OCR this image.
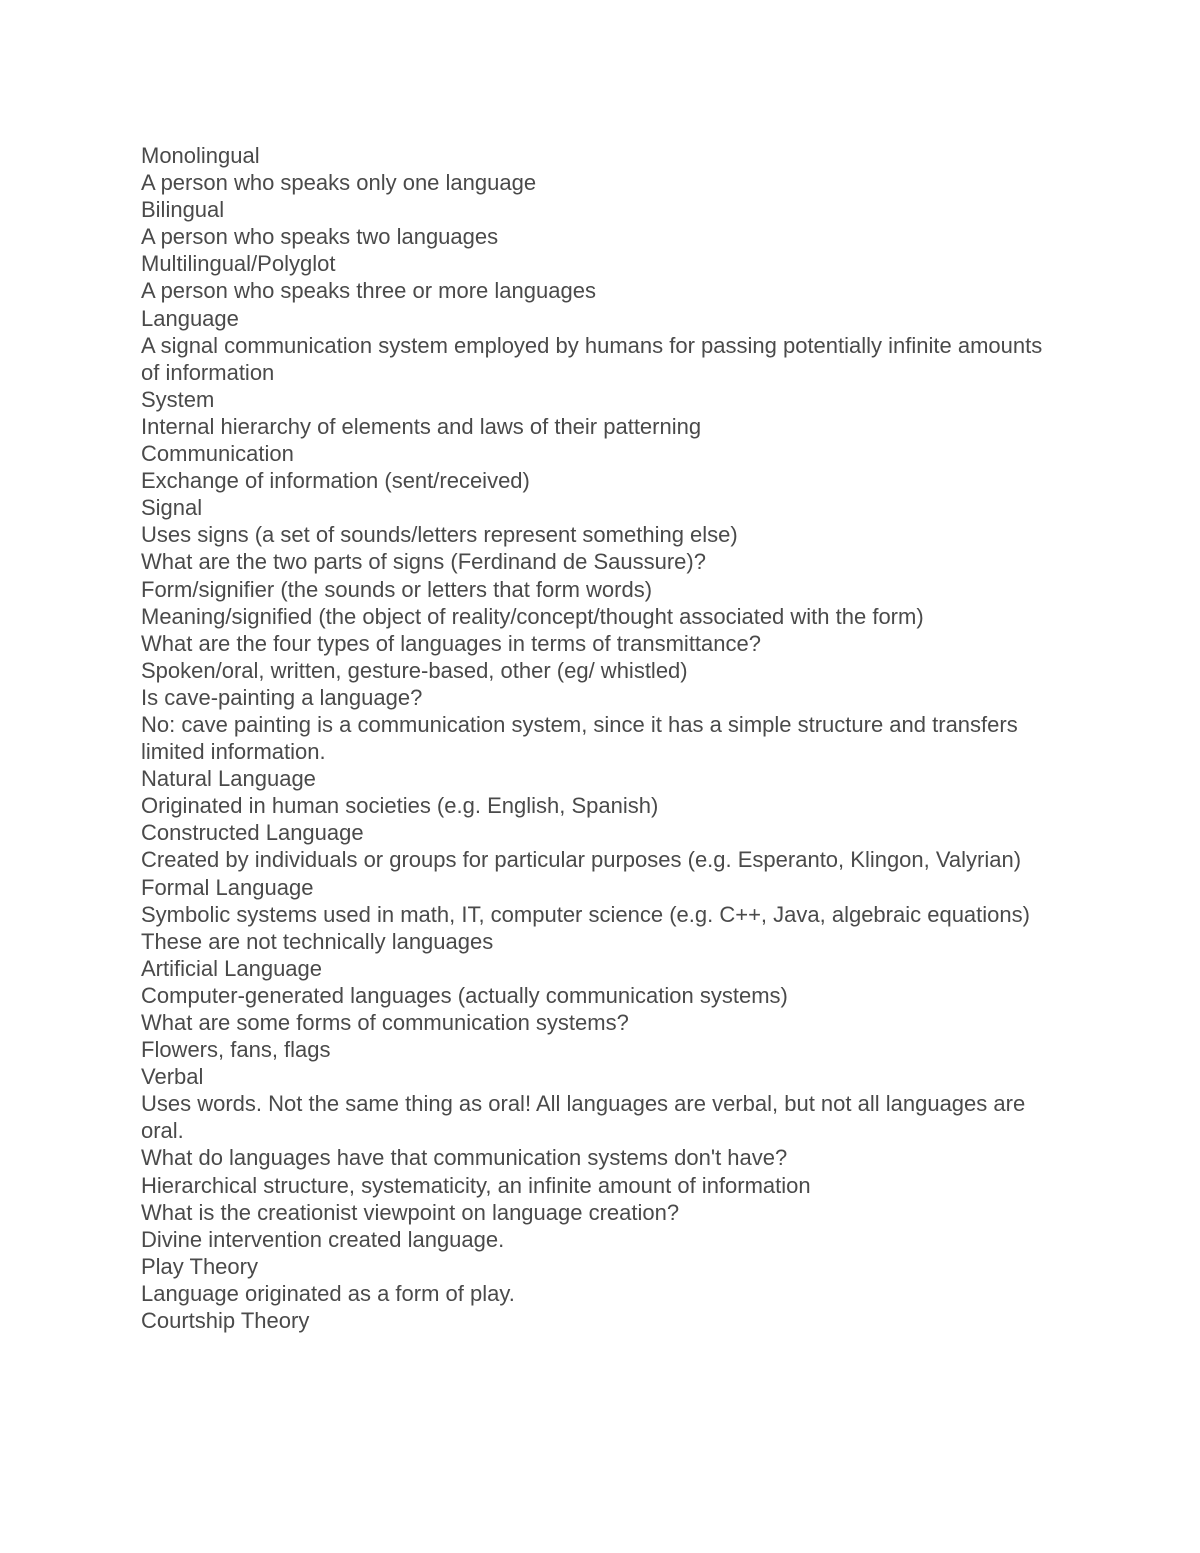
Monolingual
A person who speaks only one language
Bilingual
A person who speaks two languages
Multilingual/Polyglot
A person who speaks three or more languages
Language
A signal communication system employed by humans for passing potentially infinite amounts of information
System
Internal hierarchy of elements and laws of their patterning
Communication
Exchange of information (sent/received)
Signal
Uses signs (a set of sounds/letters represent something else)
What are the two parts of signs (Ferdinand de Saussure)?
Form/signifier (the sounds or letters that form words)
Meaning/signified (the object of reality/concept/thought associated with the form)
What are the four types of languages in terms of transmittance?
Spoken/oral, written, gesture-based, other (eg/ whistled)
Is cave-painting a language?
No: cave painting is a communication system, since it has a simple structure and transfers limited information.
Natural Language
Originated in human societies (e.g. English, Spanish)
Constructed Language
Created by individuals or groups for particular purposes (e.g. Esperanto, Klingon, Valyrian)
Formal Language
Symbolic systems used in math, IT, computer science (e.g. C++, Java, algebraic equations)
These are not technically languages
Artificial Language
Computer-generated languages (actually communication systems)
What are some forms of communication systems?
Flowers, fans, flags
Verbal
Uses words. Not the same thing as oral! All languages are verbal, but not all languages are oral.
What do languages have that communication systems don't have?
Hierarchical structure, systematicity, an infinite amount of information
What is the creationist viewpoint on language creation?
Divine intervention created language.
Play Theory
Language originated as a form of play.
Courtship Theory
